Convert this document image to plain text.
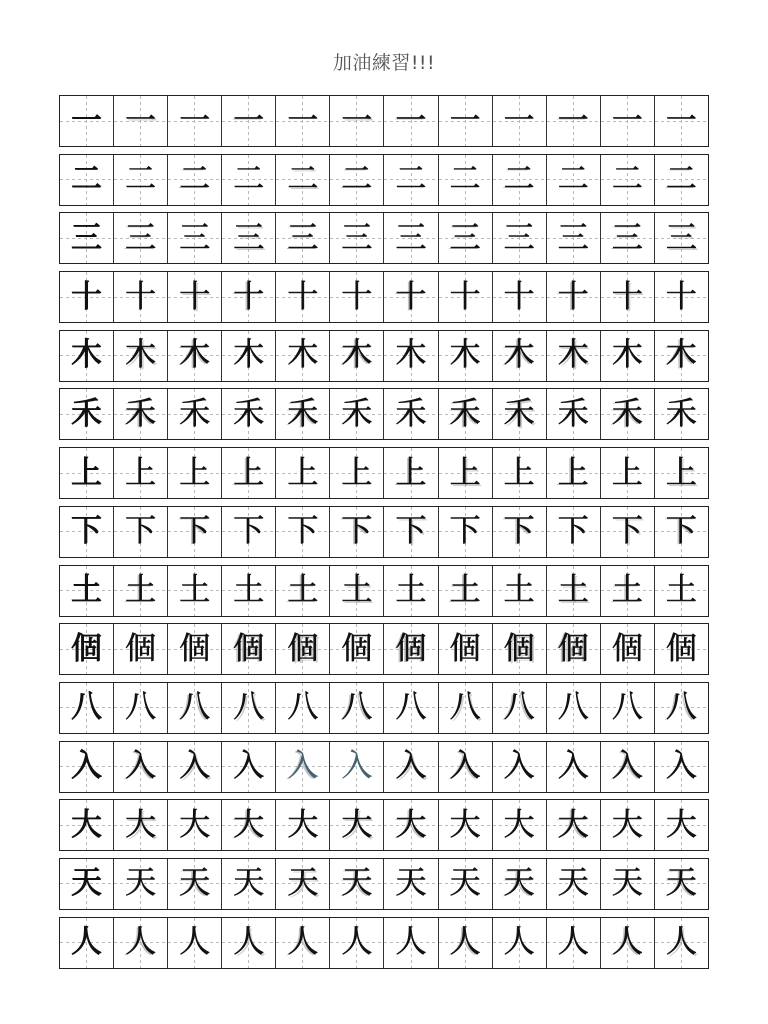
加油練習!!!
一 一 一 一 一 一 一 一 一 一 一 一
二 二 二 二 二 二 二 二 二 二 二 二
三 三 三 三 三 三 三 三 三 三 三 三
十 十 十 十 十 十 十 十 十 十 十 十
木 木 木 木 木 木 木 木 木 木 木 木
禾 禾 禾 禾 禾 禾 禾 禾 禾 禾 禾 禾
上 上 上 上 上 上 上 上 上 上 上 上
下 下 下 下 下 下 下 下 下 下 下 下
土 土 土 土 土 土 土 土 土 土 土 土
個 個 個 個 個 個 個 個 個 個 個 個
八 八 八 八 八 八 八 八 八 八 八 八
入 入 入 入 入 入 入 入 入 入 入 入
大 大 大 大 大 大 大 大 大 大 大 大
天 天 天 天 天 天 天 天 天 天 天 天
人 人 人 人 人 人 人 人 人 人 人 人
